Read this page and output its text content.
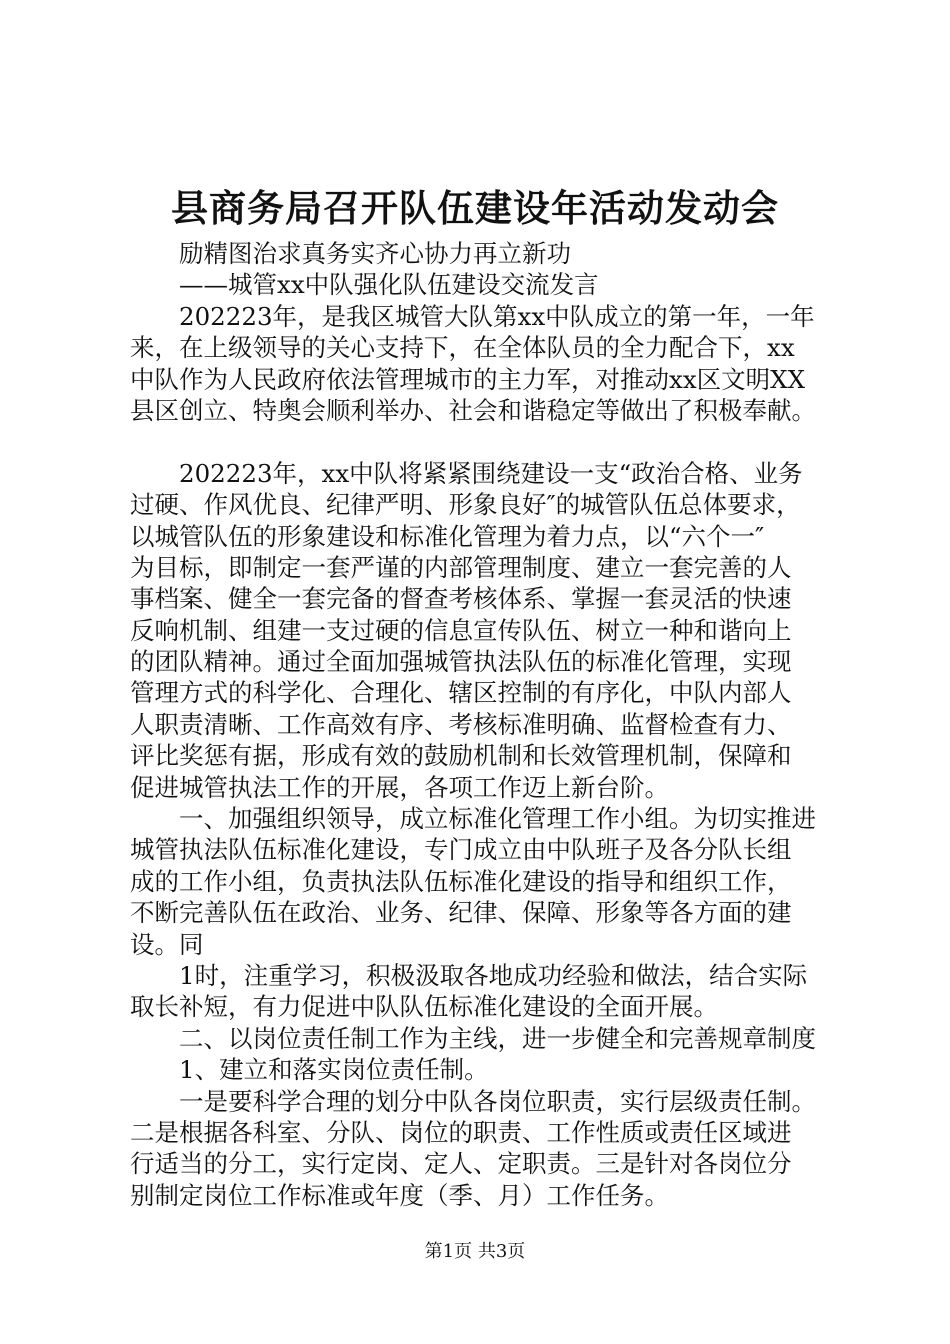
县商务局召开队伍建设年活动发动会
励精图治求真务实齐心协力再立新功
——城管xx中队强化队伍建设交流发言
202223年，是我区城管大队第xx中队成立的第一年，一年
来，在上级领导的关心支持下，在全体队员的全力配合下，xx
中队作为人民政府依法管理城市的主力军，对推动xx区文明XX
县区创立、特奥会顺利举办、社会和谐稳定等做出了积极奉献。
202223年，xx中队将紧紧围绕建设一支“政治合格、业务
过硬、作风优良、纪律严明、形象良好″的城管队伍总体要求，
以城管队伍的形象建设和标准化管理为着力点，以“六个一″
为目标，即制定一套严谨的内部管理制度、建立一套完善的人
事档案、健全一套完备的督查考核体系、掌握一套灵活的快速
反响机制、组建一支过硬的信息宣传队伍、树立一种和谐向上
的团队精神。通过全面加强城管执法队伍的标准化管理，实现
管理方式的科学化、合理化、辖区控制的有序化，中队内部人
人职责清晰、工作高效有序、考核标准明确、监督检查有力、
评比奖惩有据，形成有效的鼓励机制和长效管理机制，保障和
促进城管执法工作的开展，各项工作迈上新台阶。
一、加强组织领导，成立标准化管理工作小组。为切实推进
城管执法队伍标准化建设，专门成立由中队班子及各分队长组
成的工作小组，负责执法队伍标准化建设的指导和组织工作，
不断完善队伍在政治、业务、纪律、保障、形象等各方面的建
设。同
1时，注重学习，积极汲取各地成功经验和做法，结合实际
取长补短，有力促进中队队伍标准化建设的全面开展。
二、以岗位责任制工作为主线，进一步健全和完善规章制度
1、建立和落实岗位责任制。
一是要科学合理的划分中队各岗位职责，实行层级责任制。
二是根据各科室、分队、岗位的职责、工作性质或责任区域进
行适当的分工，实行定岗、定人、定职责。三是针对各岗位分
别制定岗位工作标准或年度（季、月）工作任务。
第1页 共3页
